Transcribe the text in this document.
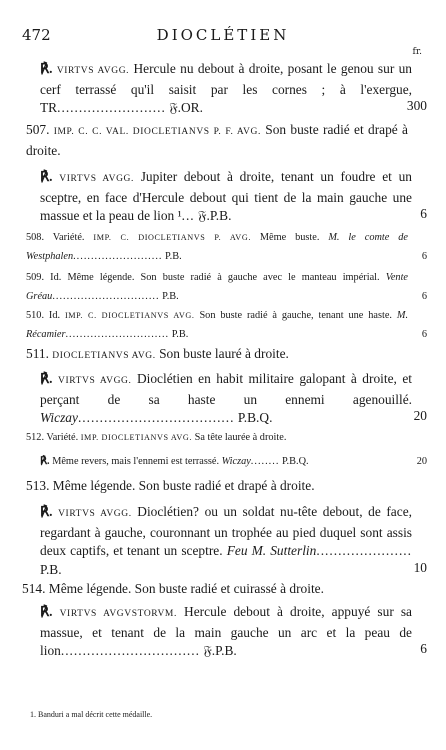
472	DIOCLÉTIEN
fr.
℟. VIRTVS AVGG. Hercule nu debout à droite, posant le genou sur un cerf terrassé qu'il saisit par les cornes ; à l'exergue, TR......................... 𝔉.OR.	300
507. IMP. C. C. VAL. DIOCLETIANVS P. F. AVG. Son buste radié et drapé à droite.
℟. VIRTVS AVGG. Jupiter debout à droite, tenant un foudre et un sceptre, en face d'Hercule debout qui tient de la main gauche une massue et la peau de lion ¹... 𝔉.P.B.	6
508. Variété. IMP. C. DIOCLETIANVS P. AVG. Même buste. M. le comte de Westphalen......................... P.B.	6
509. Id. Même légende. Son buste radié à gauche avec le manteau impérial. Vente Gréau.............................. P.B.	6
510. Id. IMP. C. DIOCLETIANVS AVG. Son buste radié à gauche, tenant une haste. M. Récamier............................. P.B.	6
511. DIOCLETIANVS AVG. Son buste lauré à droite.
℟. VIRTVS AVGG. Dioclétien en habit militaire galopant à droite, et perçant de sa haste un ennemi agenouillé. Wiczay.................................... P.B.Q.	20
512. Variété. IMP. DIOCLETIANVS AVG. Sa tête laurée à droite.
℟. Même revers, mais l'ennemi est terrassé. Wiczay........ P.B.Q.	20
513. Même légende. Son buste radié et drapé à droite.
℟. VIRTVS AVGG. Dioclétien? ou un soldat nu-tête debout, de face, regardant à gauche, couronnant un trophée au pied duquel sont assis deux captifs, et tenant un sceptre. Feu M. Sutterlin...................... P.B.	10
514. Même légende. Son buste radié et cuirassé à droite.
℟. VIRTVS AVGVSTORVM. Hercule debout à droite, appuyé sur sa massue, et tenant de la main gauche un arc et la peau de lion................................ 𝔉.P.B.	6
1. Banduri a mal décrit cette médaille.
